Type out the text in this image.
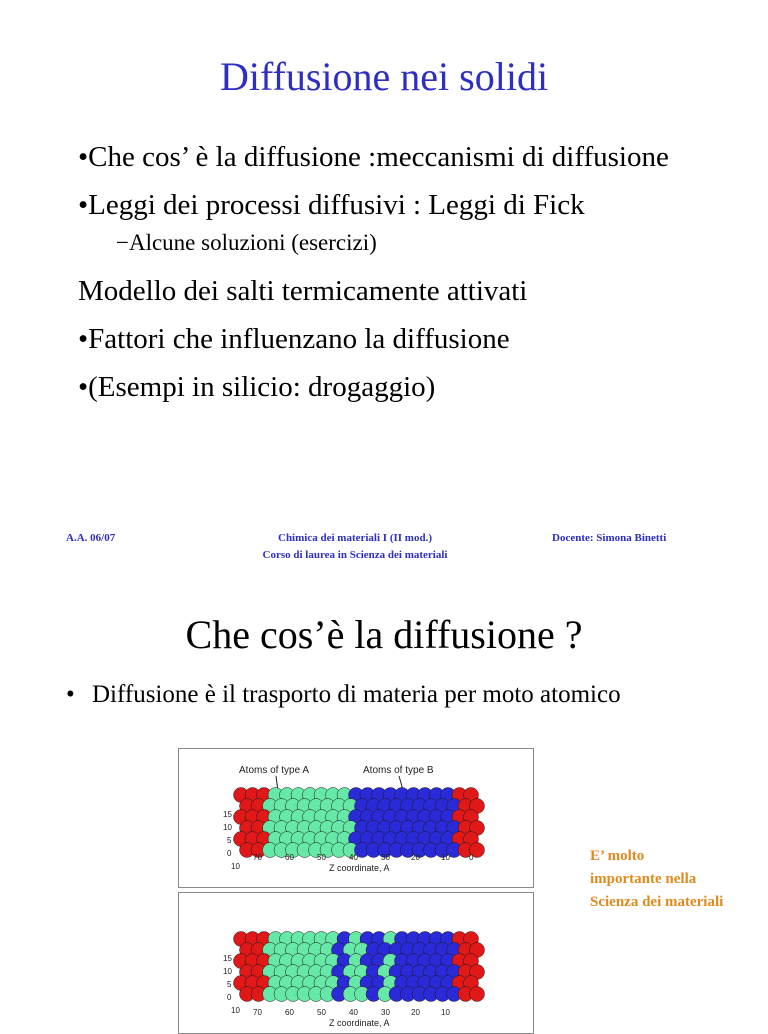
Diffusione nei solidi
•Che cos’ è la diffusione :meccanismi di diffusione
•Leggi dei processi diffusivi : Leggi di Fick
−Alcune soluzioni (esercizi)
Modello dei salti termicamente attivati
•Fattori che influenzano la diffusione
•(Esempi in silicio: drogaggio)
A.A. 06/07	Chimica dei materiali I (II mod.)
Corso di laurea in Scienza dei materiali
Docente: Simona Binetti
Che cos’è la diffusione ?
• Diffusione è il trasporto di materia per moto atomico
Atoms of type A	Atoms of type B
15
10
5
0
10
70	60	50	40	30	20	10 0
Z coordinate, A
15
10
5
0
10 70	60	50	40	30	20	10
Z coordinate, A
E’ molto
importante nella
Scienza dei materiali
